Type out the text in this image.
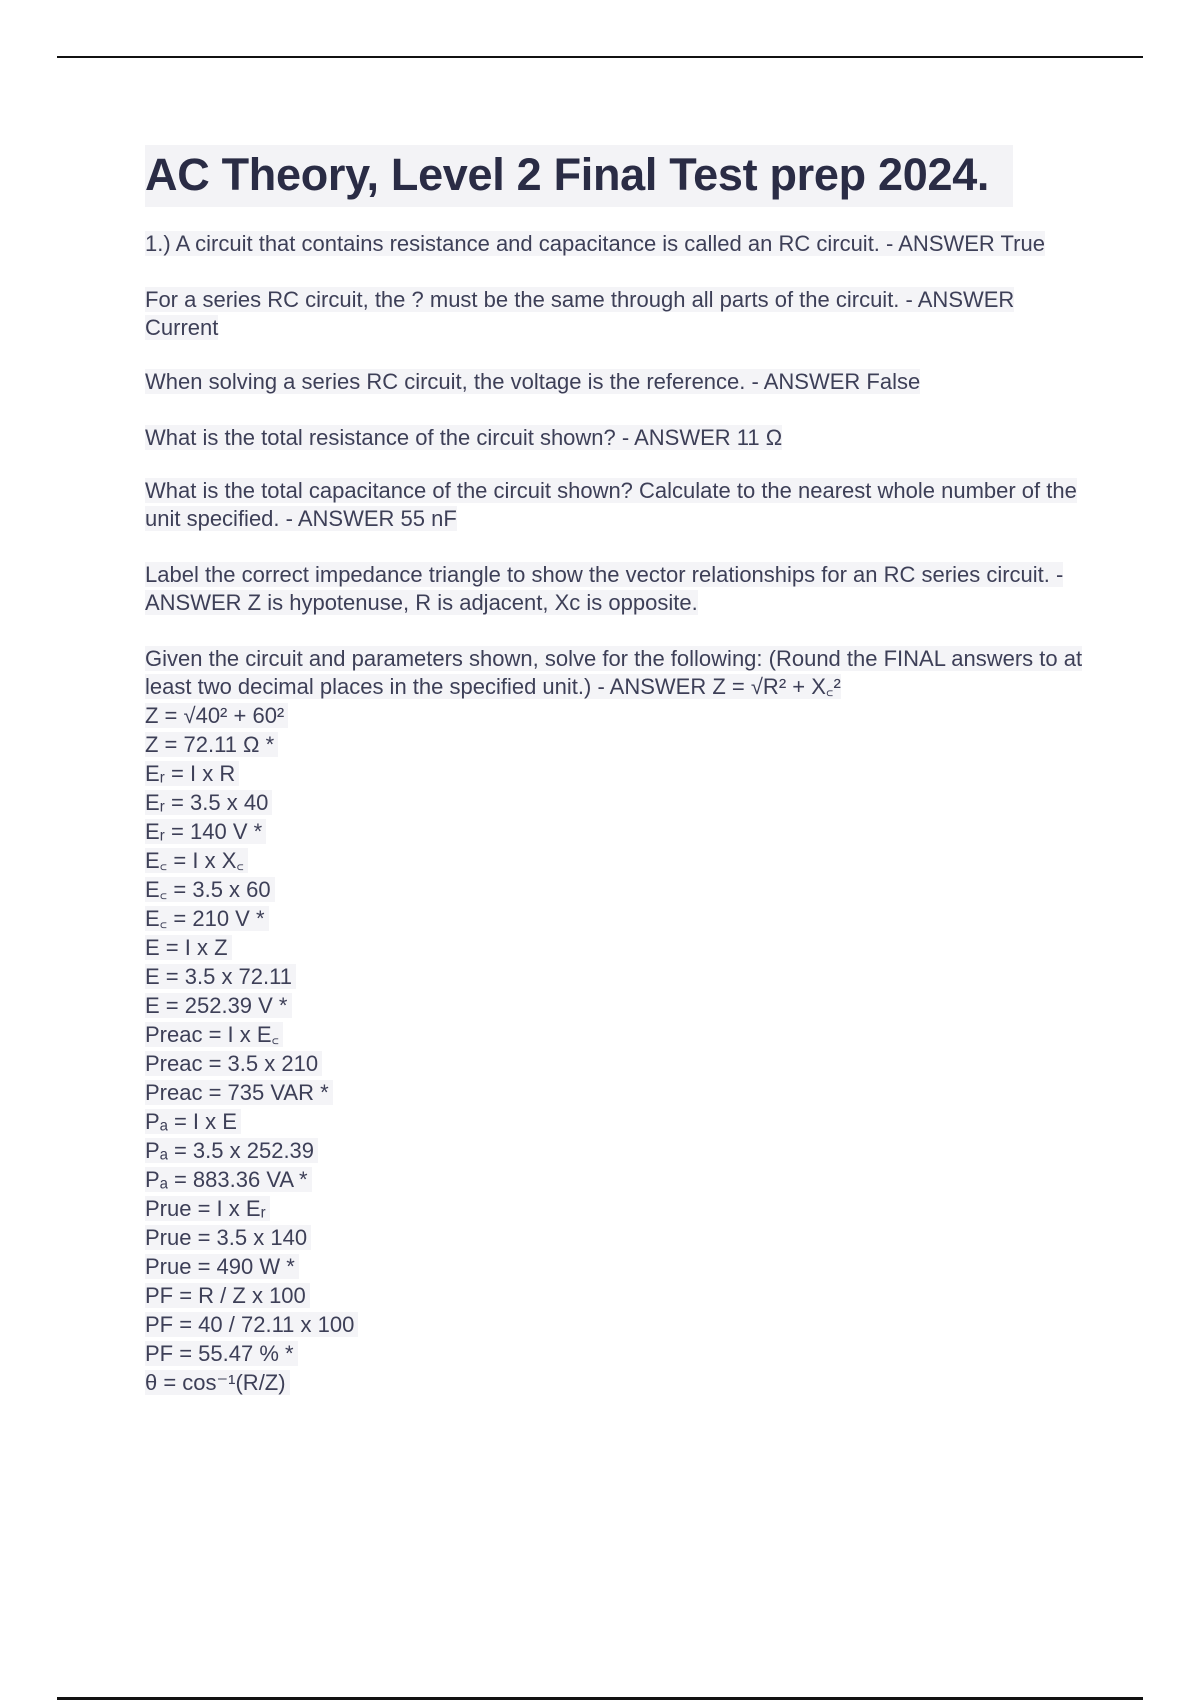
AC Theory, Level 2 Final Test prep 2024.

1.) A circuit that contains resistance and capacitance is called an RC circuit. - ANSWER True

For a series RC circuit, the ? must be the same through all parts of the circuit. - ANSWER Current

When solving a series RC circuit, the voltage is the reference. - ANSWER False

What is the total resistance of the circuit shown? - ANSWER 11 Ω

What is the total capacitance of the circuit shown? Calculate to the nearest whole number of the unit specified. - ANSWER 55 nF

Label the correct impedance triangle to show the vector relationships for an RC series circuit. - ANSWER Z is hypotenuse, R is adjacent, Xc is opposite.

Given the circuit and parameters shown, solve for the following: (Round the FINAL answers to at least two decimal places in the specified unit.) - ANSWER Z = √R² + X꜀²

Z = √40² + 60²
Z = 72.11 Ω *
Eᵣ = I x R
Eᵣ = 3.5 x 40
Eᵣ = 140 V *
E꜀ = I x X꜀
E꜀ = 3.5 x 60
E꜀ = 210 V *
E = I x Z
E = 3.5 x 72.11
E = 252.39 V *
Preaᴄ = I x E꜀
Preaᴄ = 3.5 x 210
Preaᴄ = 735 VAR *
Pₐ = I x E
Pₐ = 3.5 x 252.39
Pₐ = 883.36 VA *
Prue = I x Eᵣ
Prue = 3.5 x 140
Prue = 490 W *
PF = R / Z x 100
PF = 40 / 72.11 x 100
PF = 55.47 % *
θ = cos⁻¹(R/Z)
